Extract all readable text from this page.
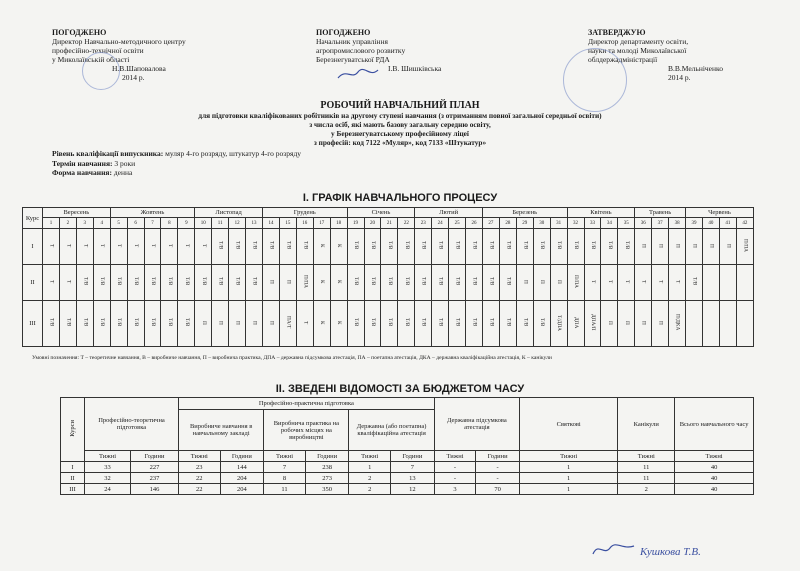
ПОГОДЖЕНО
Директор Навчально-методичного центру
професійно-технічної освіти
у Миколаївській області
Н.В.Шаповалова
2014 р.
ПОГОДЖЕНО
Начальник управління
агропромислового розвитку
Березнегуватської РДА
І.В. Шишківська
ЗАТВЕРДЖУЮ
Директор департаменту освіти,
науки та молоді Миколаївської
облдержадміністрації
В.В.Мельніченко
2014 р.
РОБОЧИЙ НАВЧАЛЬНИЙ ПЛАН
для підготовки кваліфікованих робітників на другому ступені навчання (з отриманням повної загальної середньої освіти)
з числа осіб, які мають базову загальну середню освіту,
у Березнегуватському професійному ліцеї
з професій: код 7122 «Муляр», код 7133 «Штукатур»
Рівень кваліфікації випускника: муляр 4-го розряду, штукатур 4-го розряду
Термін навчання: 3 роки
Форма навчання: денна
І. ГРАФІК НАВЧАЛЬНОГО ПРОЦЕСУ
Курс	Вересень				Жовтень					Листопад				Грудень					Січень				Лютий				Березень					Квітень				Травень			Червень			
	1	2	3	4	5	6	7	8	9	10	11	12	13	14	15	16	17	18	19	20	21	22	23	24	25	26	27	28	29	30	31	32	33	34	35	36	37	38	39	40	41	42
I	Т	Т	Т	Т	Т	Т	Т	Т	Т	Т	Т/В	Т/В	Т/В	Т/В	Т/В	Т/В	К	К	Т/В	Т/В	Т/В	Т/В	Т/В	Т/В	Т/В	Т/В	Т/В	Т/В	Т/В	Т/В	Т/В	Т/В	Т/В	Т/В	Т/В	П	П	П	П	П	П	П/ПА
II	Т	Т	Т/В	Т/В	Т/В	Т/В	Т/В	Т/В	Т/В	Т/В	Т/В	Т/В	Т/В	П	П	П/ПА	К	К	Т/В	Т/В	Т/В	Т/В	Т/В	Т/В	Т/В	Т/В	Т/В	Т/В	П	П	П	П/ПА	Т	Т	Т	Т	Т	Т	Т/В			
III	Т/В	Т/В	Т/В	Т/В	Т/В	Т/В	Т/В	Т/В	Т/В	П	П	П	П	П	ПА/Т	Т	К	К	Т/В	Т/В	Т/В	Т/В	Т/В	Т/В	Т/В	Т/В	Т/В	Т/В	Т/В	Т/В	Т/ДПА	ДПА	ДПА/П	П	П	П	П	П/ДКА				
Умовні позначення: Т – теоретичне навчання, В – виробниче навчання, П – виробнича практика, ДПА – державна підсумкова атестація, ПА – поетапна атестація, ДКА – державна кваліфікаційна атестація, К – канікули
ІІ. ЗВЕДЕНІ ВІДОМОСТІ ЗА БЮДЖЕТОМ ЧАСУ
Курси	Професійно-теоретична підготовка		Професійно-практична підготовка						Державна підсумкова атестація		Святкові	Канікули	Всього навчального часу
			Виробниче навчання в навчальному закладі		Виробнича практика на робочих місцях на виробництві		Державна (або поетапна) кваліфікаційна атестація						
	Тижні	Години	Тижні	Години	Тижні	Години	Тижні	Години	Тижні	Години	Тижні	Тижні	Тижні
I	33	227	23	144	7	238	1	7	-	-	1	11	40
II	32	237	22	204	8	273	2	13	-	-	1	11	40
III	24	146	22	204	11	350	2	12	3	70	1	2	40
Кушкова Т.В.
